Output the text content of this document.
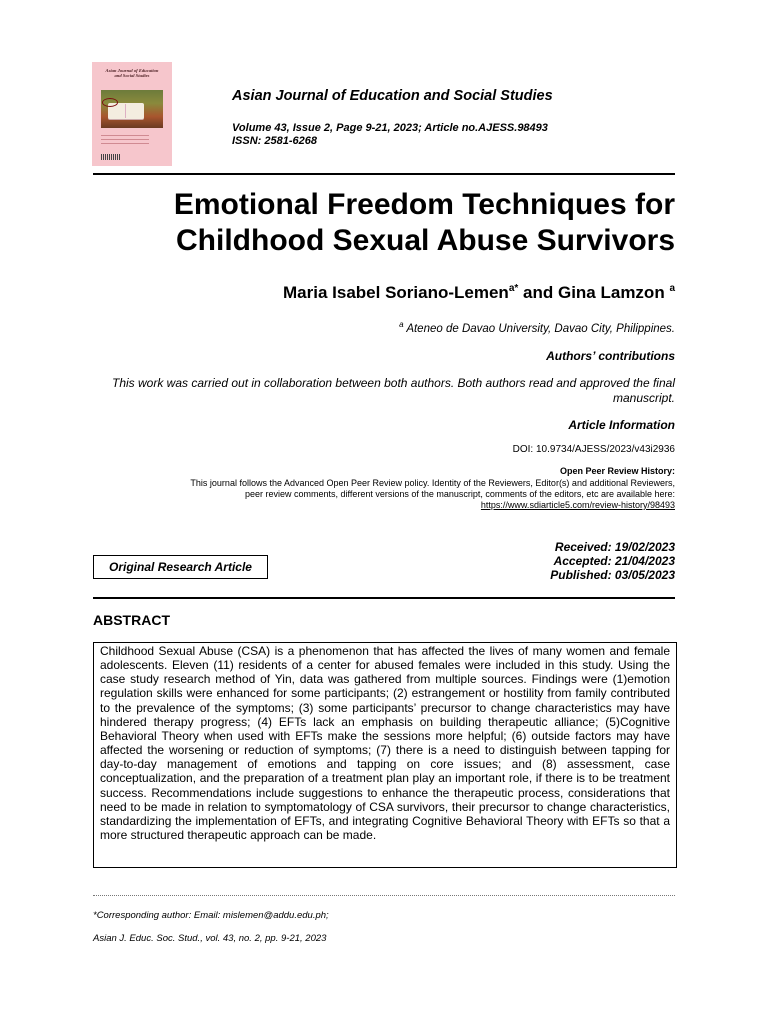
Asian Journal of Education and Social Studies
Asian Journal of Education and Social Studies
Volume 43, Issue 2, Page 9-21, 2023; Article no.AJESS.98493
ISSN: 2581-6268
Emotional Freedom Techniques for Childhood Sexual Abuse Survivors
Maria Isabel Soriano-Lemen$^{a*}$ and Gina Lamzon $^a$
$^a$ Ateneo de Davao University, Davao City, Philippines.
Authors’ contributions
This work was carried out in collaboration between both authors. Both authors read and approved the final manuscript.
Article Information
DOI: 10.9734/AJESS/2023/v43i2936
Open Peer Review History:
This journal follows the Advanced Open Peer Review policy. Identity of the Reviewers, Editor(s) and additional Reviewers,
peer review comments, different versions of the manuscript, comments of the editors, etc are available here:
https://www.sdiarticle5.com/review-history/98493
Original Research Article
Received: 19/02/2023
Accepted: 21/04/2023
Published: 03/05/2023
ABSTRACT

Childhood Sexual Abuse (CSA) is a phenomenon that has affected the lives of many women and female adolescents. Eleven (11) residents of a center for abused females were included in this study. Using the case study research method of Yin, data was gathered from multiple sources. Findings were (1)emotion regulation skills were enhanced for some participants; (2) estrangement or hostility from family contributed to the prevalence of the symptoms; (3) some participants’ precursor to change characteristics may have hindered therapy progress; (4) EFTs lack an emphasis on building therapeutic alliance; (5)Cognitive Behavioral Theory when used with EFTs make the sessions more helpful; (6) outside factors may have affected the worsening or reduction of symptoms; (7) there is a need to distinguish between tapping for day-to-day management of emotions and tapping on core issues; and (8) assessment, case conceptualization, and the preparation of a treatment plan play an important role, if there is to be treatment success. Recommendations include suggestions to enhance the therapeutic process, considerations that need to be made in relation to symptomatology of CSA survivors, their precursor to change characteristics, standardizing the implementation of EFTs, and integrating Cognitive Behavioral Theory with EFTs so that a more structured therapeutic approach can be made.

*Corresponding author: Email: mislemen@addu.edu.ph;
Asian J. Educ. Soc. Stud., vol. 43, no. 2, pp. 9-21, 2023
